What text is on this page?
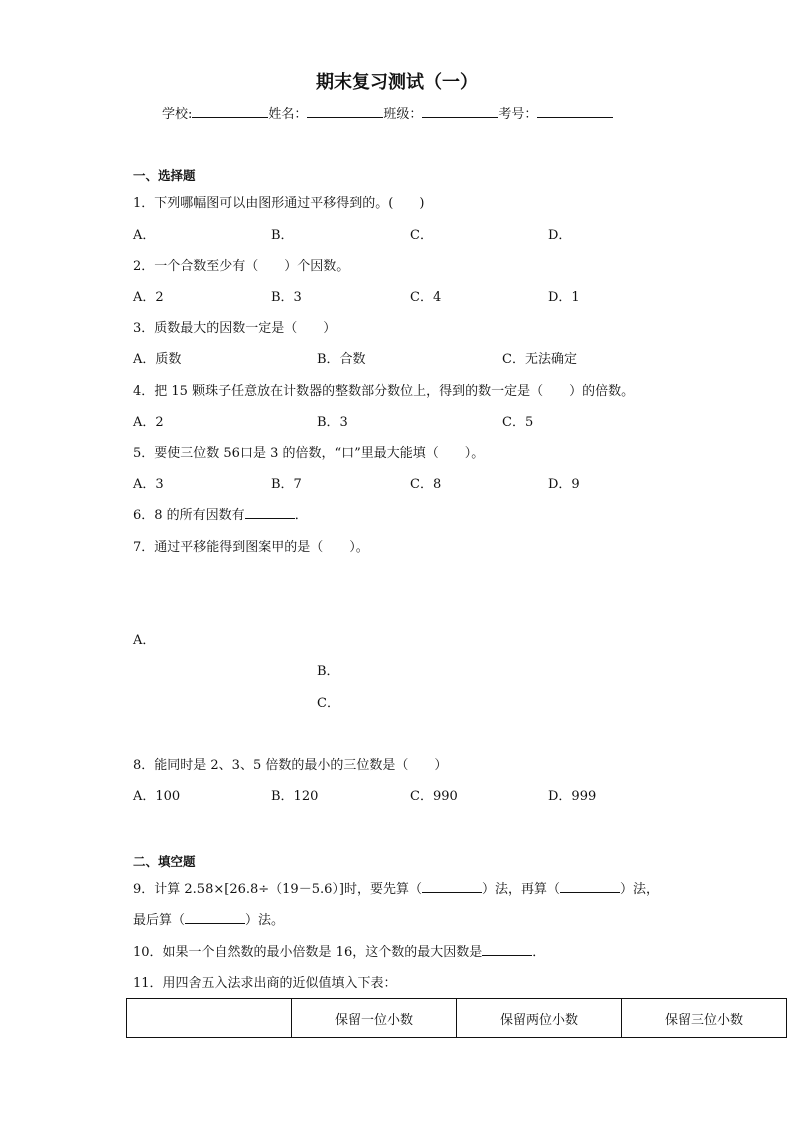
期末复习测试（一）
学校:	姓名：	班级：	考号：
一、选择题
1．下列哪幅图可以由图形通过平移得到的。(　　)
A．	B．	C．	D．
2．一个合数至少有（　　）个因数。
A．2	B．3	C．4	D．1
3．质数最大的因数一定是（　　）
A．质数	B．合数	C．无法确定
4．把 15 颗珠子任意放在计数器的整数部分数位上，得到的数一定是（　　）的倍数。
A．2	B．3	C．5
5．要使三位数 56口是 3 的倍数，“口”里最大能填（　　）。
A．3	B．7	C．8	D．9
6．8 的所有因数有	．
7．通过平移能得到图案甲的是（　　）。
A．
B．
C．
8．能同时是 2、3、5 倍数的最小的三位数是（　　）
A．100	B．120	C．990	D．999
二、填空题
9．计算 2.58×[26.8÷（19－5.6）]时，要先算（	）法，再算（	）法，
最后算（	）法。
10．如果一个自然数的最小倍数是 16，这个数的最大因数是	．
11．用四舍五入法求出商的近似值填入下表：
	保留一位小数	保留两位小数	保留三位小数
